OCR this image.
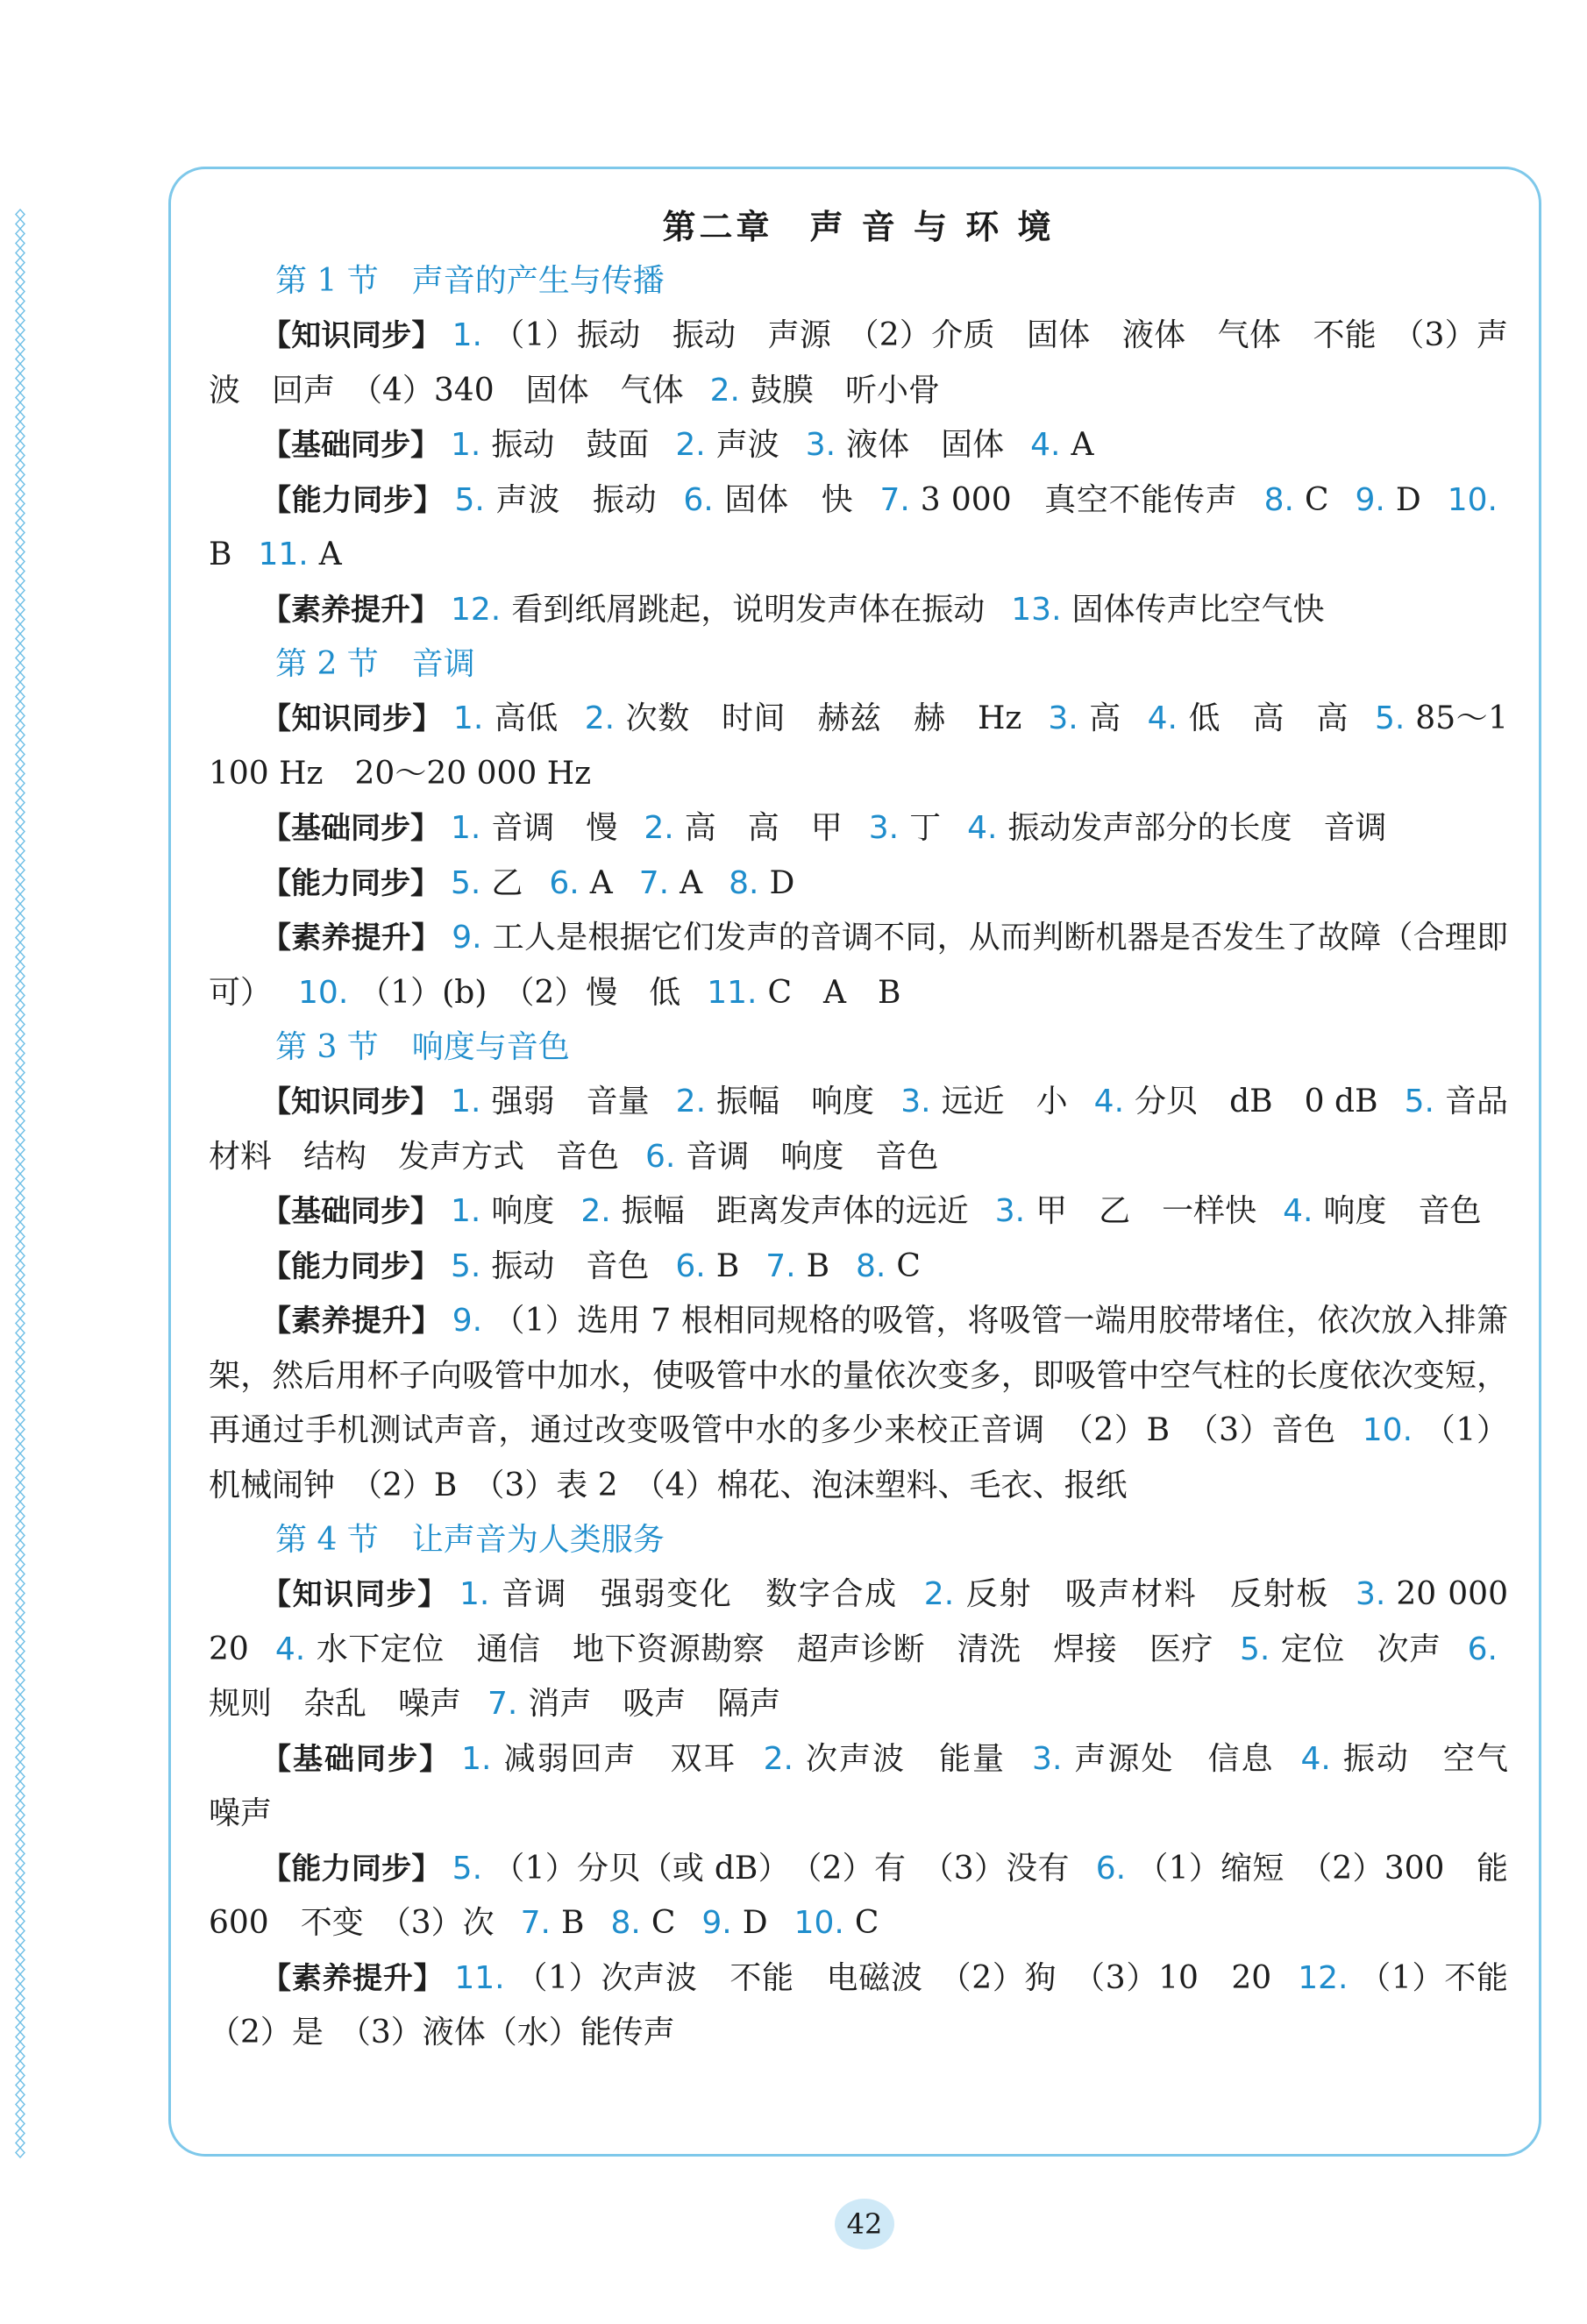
第二章　声 音 与 环 境
第 1 节 声音的产生与传播
【知识同步】 1. （1）振动　振动　声源　（2）介质　固体　液体　气体　不能　（3）声波　回声　（4）340　固体　气体 2. 鼓膜　听小骨
【基础同步】 1. 振动　鼓面 2. 声波 3. 液体　固体 4. A
【能力同步】 5. 声波　振动 6. 固体　快 7. 3 000　真空不能传声 8. C 9. D 10.B 11. A
【素养提升】 12. 看到纸屑跳起，说明发声体在振动 13. 固体传声比空气快
第 2 节 音调
【知识同步】 1. 高低 2. 次数　时间　赫兹　赫　Hz 3. 高 4. 低　高　高 5. 85～1 100 Hz　20～20 000 Hz
【基础同步】 1. 音调　慢 2. 高　高　甲 3. 丁 4. 振动发声部分的长度　音调
【能力同步】 5. 乙 6. A 7. A 8. D
【素养提升】 9. 工人是根据它们发声的音调不同，从而判断机器是否发生了故障（合理即可） 10. （1）(b)　（2）慢　低 11. C　A　B
第 3 节 响度与音色
【知识同步】 1. 强弱　音量 2. 振幅　响度 3. 远近　小 4. 分贝　dB　0 dB 5. 音品　材料　结构　发声方式　音色 6. 音调　响度　音色
【基础同步】 1. 响度 2. 振幅　距离发声体的远近 3. 甲　乙　一样快 4. 响度　音色
【能力同步】 5. 振动　音色 6. B 7. B 8. C
【素养提升】 9. （1）选用 7 根相同规格的吸管，将吸管一端用胶带堵住，依次放入排箫架，然后用杯子向吸管中加水，使吸管中水的量依次变多，即吸管中空气柱的长度依次变短，再通过手机测试声音，通过改变吸管中水的多少来校正音调　（2）B　（3）音色 10. （1）机械闹钟　（2）B　（3）表 2　（4）棉花、泡沫塑料、毛衣、报纸
第 4 节 让声音为人类服务
【知识同步】 1. 音调　强弱变化　数字合成 2. 反射　吸声材料　反射板 3. 20 000　20 4. 水下定位　通信　地下资源勘察　超声诊断　清洗　焊接　医疗 5. 定位　次声 6.规则　杂乱　噪声 7. 消声　吸声　隔声
【基础同步】 1. 减弱回声　双耳 2. 次声波　能量 3. 声源处　信息 4. 振动　空气　噪声
【能力同步】 5. （1）分贝（或 dB）　（2）有　（3）没有 6. （1）缩短　（2）300　能　600　不变　（3）次 7. B 8. C 9. D 10. C
【素养提升】 11. （1）次声波　不能　电磁波　（2）狗　（3）10　20 12. （1）不能　（2）是　（3）液体（水）能传声
42
